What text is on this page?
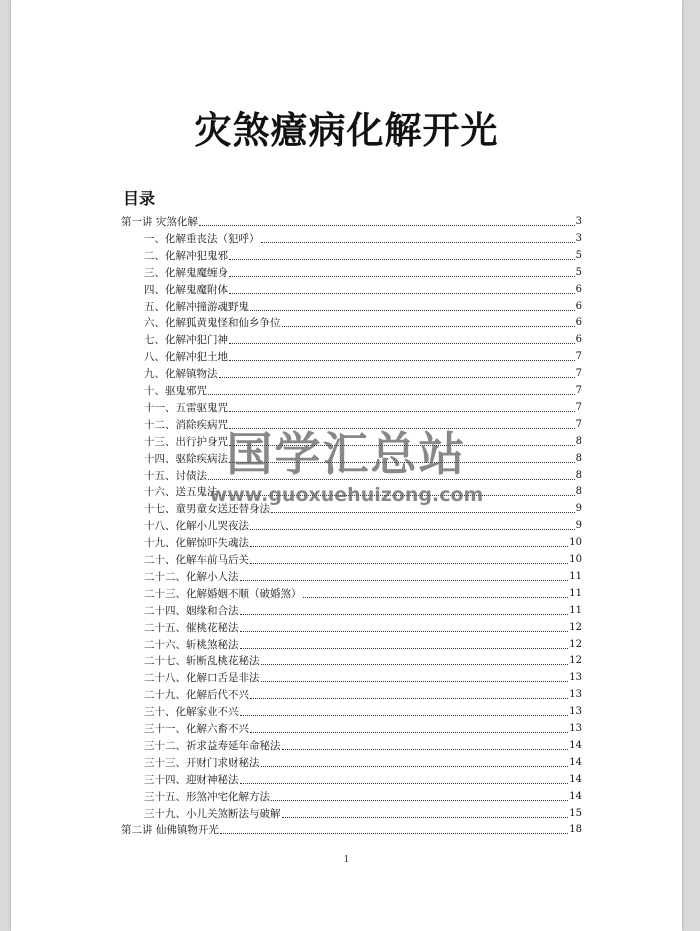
灾煞癔病化解开光
目录
第一讲 灾煞化解	3
一、化解重丧法（犯呼）	3
二、化解冲犯鬼邪	5
三、化解鬼魔缠身	5
四、化解鬼魔附体	6
五、化解冲撞游魂野鬼	6
六、化解狐黄鬼怪和仙乡争位	6
七、化解冲犯门神	6
八、化解冲犯土地	7
九、化解镇物法	7
十、驱鬼邪咒	7
十一、五雷驱鬼咒	7
十二、消除疾病咒	7
十三、出行护身咒	8
十四、驱除疾病法	8
十五、讨债法	8
十六、送五鬼法	8
十七、童男童女送还替身法	9
十八、化解小儿哭夜法	9
十九、化解惊吓失魂法	10
二十、化解车前马后关	10
二十二、化解小人法	11
二十三、化解婚姻不顺（破婚煞）	11
二十四、姻缘和合法	11
二十五、催桃花秘法	12
二十六、斩桃煞秘法	12
二十七、斩断乱桃花秘法	12
二十八、化解口舌是非法	13
二十九、化解后代不兴	13
三十、化解家业不兴	13
三十一、化解六畜不兴	13
三十二、祈求益寿延年命秘法	14
三十三、开财门求财秘法	14
三十四、迎财神秘法	14
三十五、形煞冲宅化解方法	14
三十九、小儿关煞断法与破解	15
第二讲 仙佛镇物开光	18
国学汇总站
www.guoxuehuizong.com
1
